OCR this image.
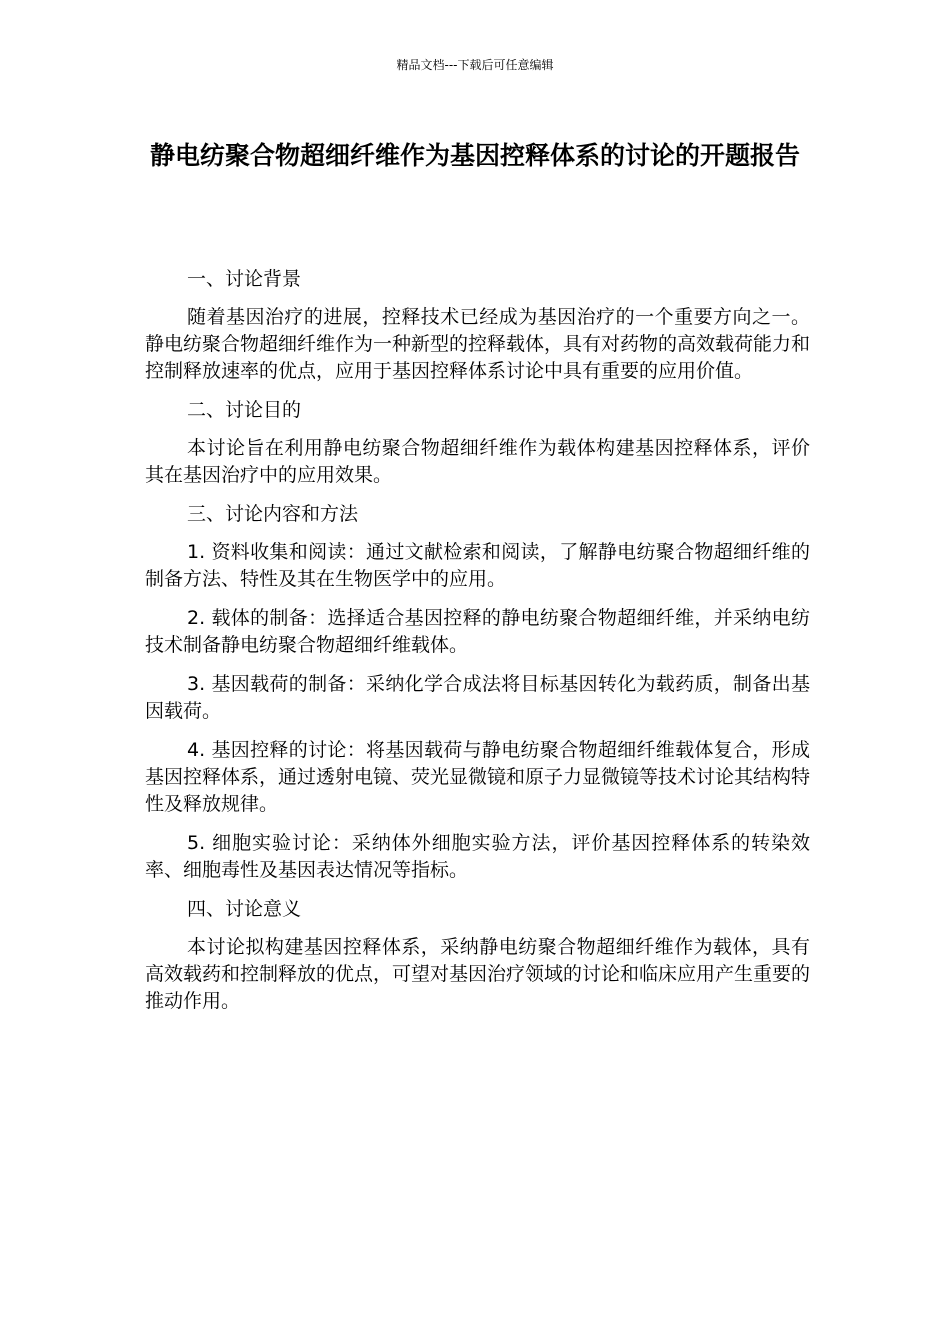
精品文档---下载后可任意编辑
静电纺聚合物超细纤维作为基因控释体系的讨论的开题报告

一、讨论背景

随着基因治疗的进展，控释技术已经成为基因治疗的一个重要方向之一。静电纺聚合物超细纤维作为一种新型的控释载体，具有对药物的高效载荷能力和控制释放速率的优点，应用于基因控释体系讨论中具有重要的应用价值。

二、讨论目的

本讨论旨在利用静电纺聚合物超细纤维作为载体构建基因控释体系，评价其在基因治疗中的应用效果。

三、讨论内容和方法

1. 资料收集和阅读：通过文献检索和阅读，了解静电纺聚合物超细纤维的制备方法、特性及其在生物医学中的应用。

2. 载体的制备：选择适合基因控释的静电纺聚合物超细纤维，并采纳电纺技术制备静电纺聚合物超细纤维载体。

3. 基因载荷的制备：采纳化学合成法将目标基因转化为载药质，制备出基因载荷。

4. 基因控释的讨论：将基因载荷与静电纺聚合物超细纤维载体复合，形成基因控释体系，通过透射电镜、荧光显微镜和原子力显微镜等技术讨论其结构特性及释放规律。

5. 细胞实验讨论：采纳体外细胞实验方法，评价基因控释体系的转染效率、细胞毒性及基因表达情况等指标。

四、讨论意义

本讨论拟构建基因控释体系，采纳静电纺聚合物超细纤维作为载体，具有高效载药和控制释放的优点，可望对基因治疗领域的讨论和临床应用产生重要的推动作用。
